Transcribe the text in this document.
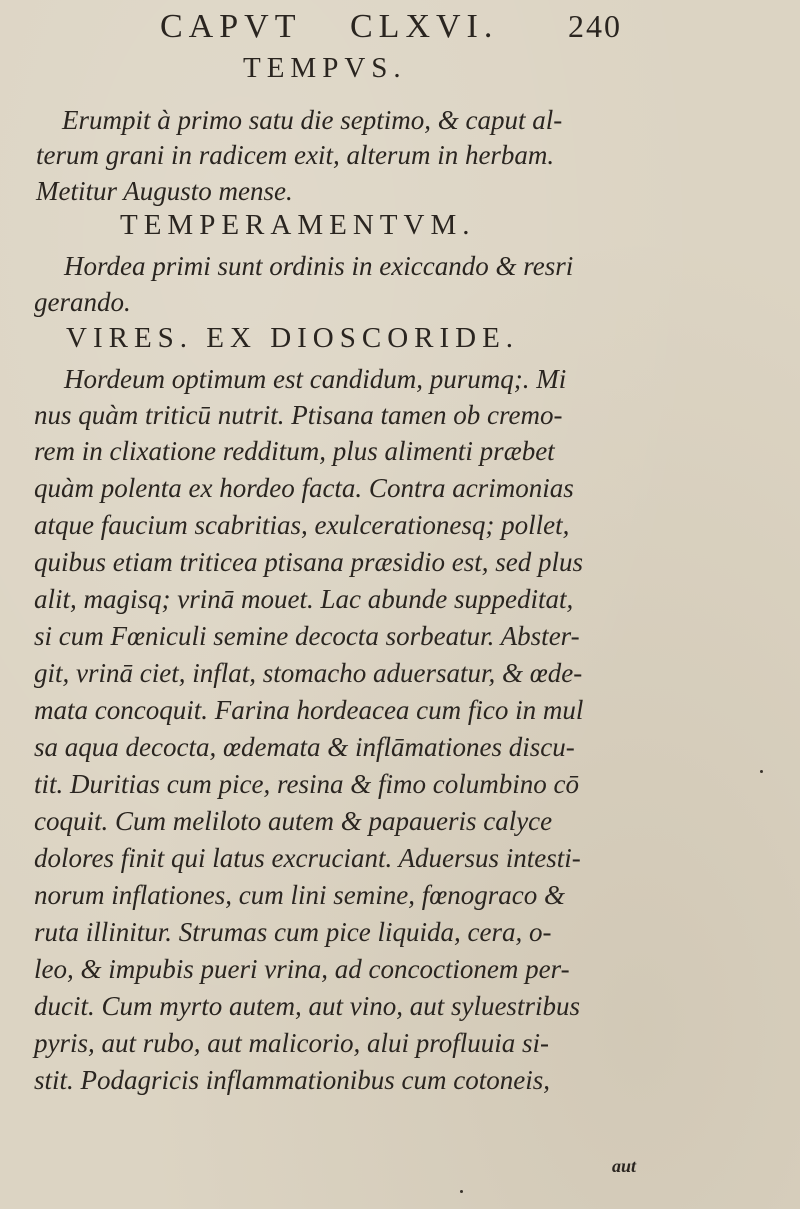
CAPVT CLXVI. 240
TEMPVS.
Erumpit à primo satu die septimo, & caput al-
terum grani in radicem exit, alterum in herbam.
Metitur Augusto mense.
TEMPERAMENTVM.
Hordea primi sunt ordinis in exiccando & resri
gerando.
VIRES. EX DIOSCORIDE.
Hordeum optimum est candidum, purumq;. Mi
nus quàm triticū nutrit. Ptisana tamen ob cremo-
rem in clixatione redditum, plus alimenti præbet
quàm polenta ex hordeo facta. Contra acrimonias
atque faucium scabritias, exulcerationesq; pollet,
quibus etiam triticea ptisana præsidio est, sed plus
alit, magisq; vrinā mouet. Lac abunde suppeditat,
si cum Fœniculi semine decocta sorbeatur. Abster-
git, vrinā ciet, inflat, stomacho aduersatur, & œde-
mata concoquit. Farina hordeacea cum fico in mul
sa aqua decocta, œdemata & inflāmationes discu-
tit. Duritias cum pice, resina & fimo columbino cō
coquit. Cum meliloto autem & papaueris calyce
dolores finit qui latus excruciant. Aduersus intesti-
norum inflationes, cum lini semine, fœnograco &
ruta illinitur. Strumas cum pice liquida, cera, o-
leo, & impubis pueri vrina, ad concoctionem per-
ducit. Cum myrto autem, aut vino, aut syluestribus
pyris, aut rubo, aut malicorio, alui profluuia si-
stit. Podagricis inflammationibus cum cotoneis,
aut
